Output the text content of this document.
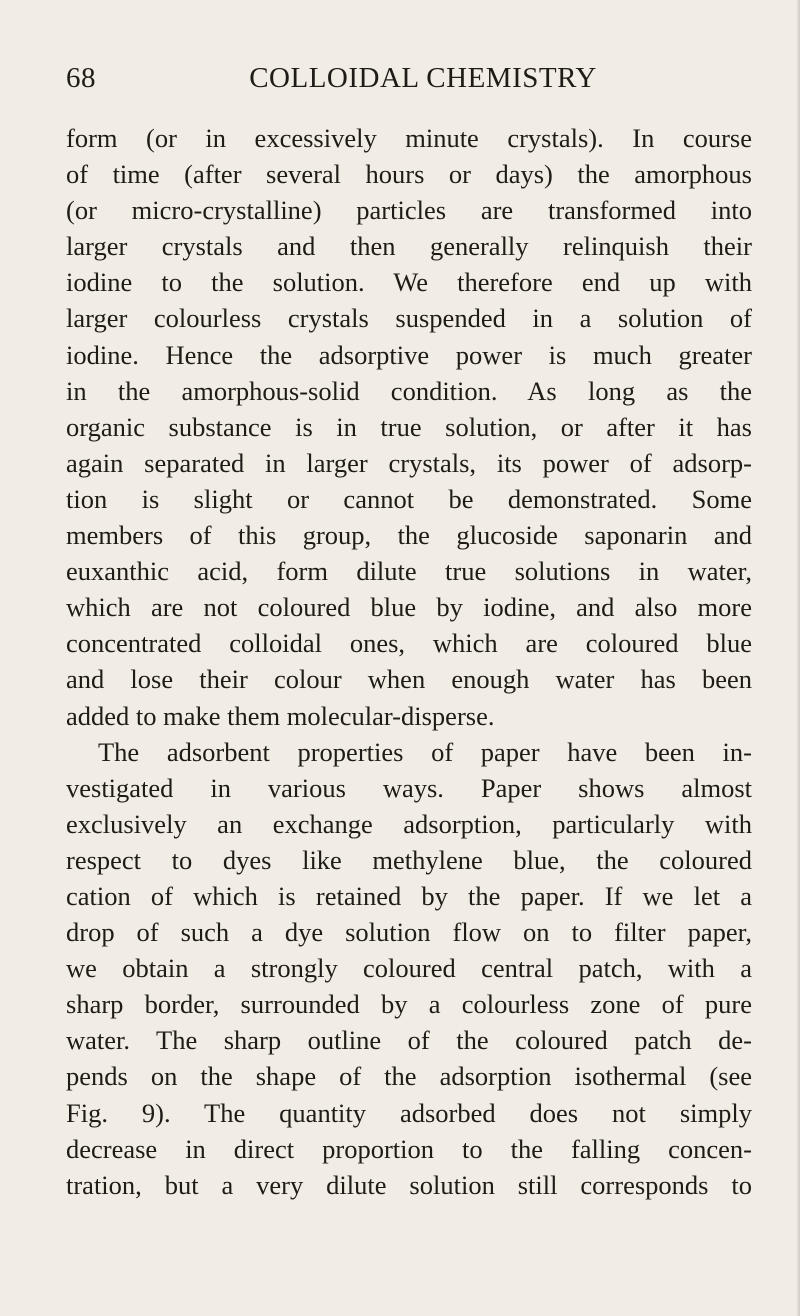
68	COLLOIDAL CHEMISTRY
form (or in excessively minute crystals). In course
of time (after several hours or days) the amorphous
(or micro-crystalline) particles are transformed into
larger crystals and then generally relinquish their
iodine to the solution. We therefore end up with
larger colourless crystals suspended in a solution of
iodine. Hence the adsorptive power is much greater
in the amorphous-solid condition. As long as the
organic substance is in true solution, or after it has
again separated in larger crystals, its power of adsorp-
tion is slight or cannot be demonstrated. Some
members of this group, the glucoside saponarin and
euxanthic acid, form dilute true solutions in water,
which are not coloured blue by iodine, and also more
concentrated colloidal ones, which are coloured blue
and lose their colour when enough water has been
added to make them molecular-disperse.
The adsorbent properties of paper have been in-
vestigated in various ways. Paper shows almost
exclusively an exchange adsorption, particularly with
respect to dyes like methylene blue, the coloured
cation of which is retained by the paper. If we let a
drop of such a dye solution flow on to filter paper,
we obtain a strongly coloured central patch, with a
sharp border, surrounded by a colourless zone of pure
water. The sharp outline of the coloured patch de-
pends on the shape of the adsorption isothermal (see
Fig. 9). The quantity adsorbed does not simply
decrease in direct proportion to the falling concen-
tration, but a very dilute solution still corresponds to
